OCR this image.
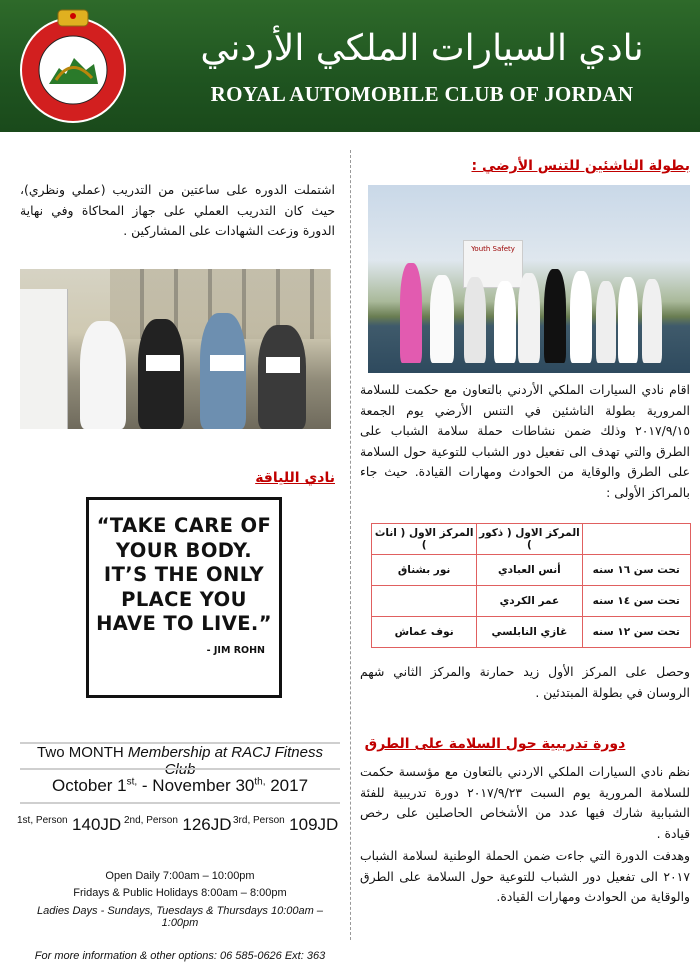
نادي السيارات الملكي الأردني
ROYAL AUTOMOBILE CLUB OF JORDAN
بطولة الناشئين للتنس الأرضي :
Youth Safety
اقام نادي السيارات الملكي الأردني بالتعاون مع حكمت للسلامة المرورية بطولة الناشئين في التنس الأرضي يوم الجمعة ٢٠١٧/٩/١٥ وذلك ضمن نشاطات حملة سلامة الشباب على الطرق والتي تهدف الى تفعيل دور الشباب للتوعية حول السلامة على الطرق والوقاية من الحوادث ومهارات القيادة. حيث جاء بالمراكز الأولى :
	المركز الاول ( ذكور )	المركز الاول ( اناث )
تحت سن ١٦ سنه	أنس العبادي	نور بشناق
تحت سن ١٤ سنه	عمر الكردي	
تحت سن ١٢ سنه	غازي النابلسي	نوف عماش
وحصل على المركز الأول زيد حمارنة والمركز الثاني شهم الروسان في بطولة المبتدئين .
دورة تدريبية حول السلامة على الطرق
نظم نادي السيارات الملكي الاردني بالتعاون مع مؤسسة حكمت للسلامة المرورية يوم السبت ٢٠١٧/٩/٢٣ دورة تدريبية للفئة الشبابية شارك فيها عدد من الأشخاص الحاصلين على رخص قيادة .
وهدفت الدورة التي جاءت ضمن الحملة الوطنية لسلامة الشباب ٢٠١٧ الى تفعيل دور الشباب للتوعية حول السلامة على الطرق والوقاية من الحوادث ومهارات القيادة.
اشتملت الدوره على ساعتين من التدريب (عملي ونظري)، حيث كان التدريب العملي على جهاز المحاكاة وفي نهاية الدورة وزعت الشهادات على المشاركين .
نادي اللياقة
“TAKE CARE OF
YOUR BODY.
IT’S THE ONLY
PLACE YOU
HAVE TO LIVE.”
- JIM ROHN
Two MONTH Membership at RACJ Fitness
October $1^{st,}$ - November $30^{th,}$ 2017
$^{1st, Person}$ 140JD $^{2nd, Person}$ 126JD $^{3rd, Person}$ 109JD
Open Daily 7:00am – 10:00pm
Fridays & Public Holidays 8:00am – 8:00pm
Ladies Days - Sundays, Tuesdays & Thursdays 10:00am – 1:00pm
For more information & other options: 06 585-0626 Ext: 363
